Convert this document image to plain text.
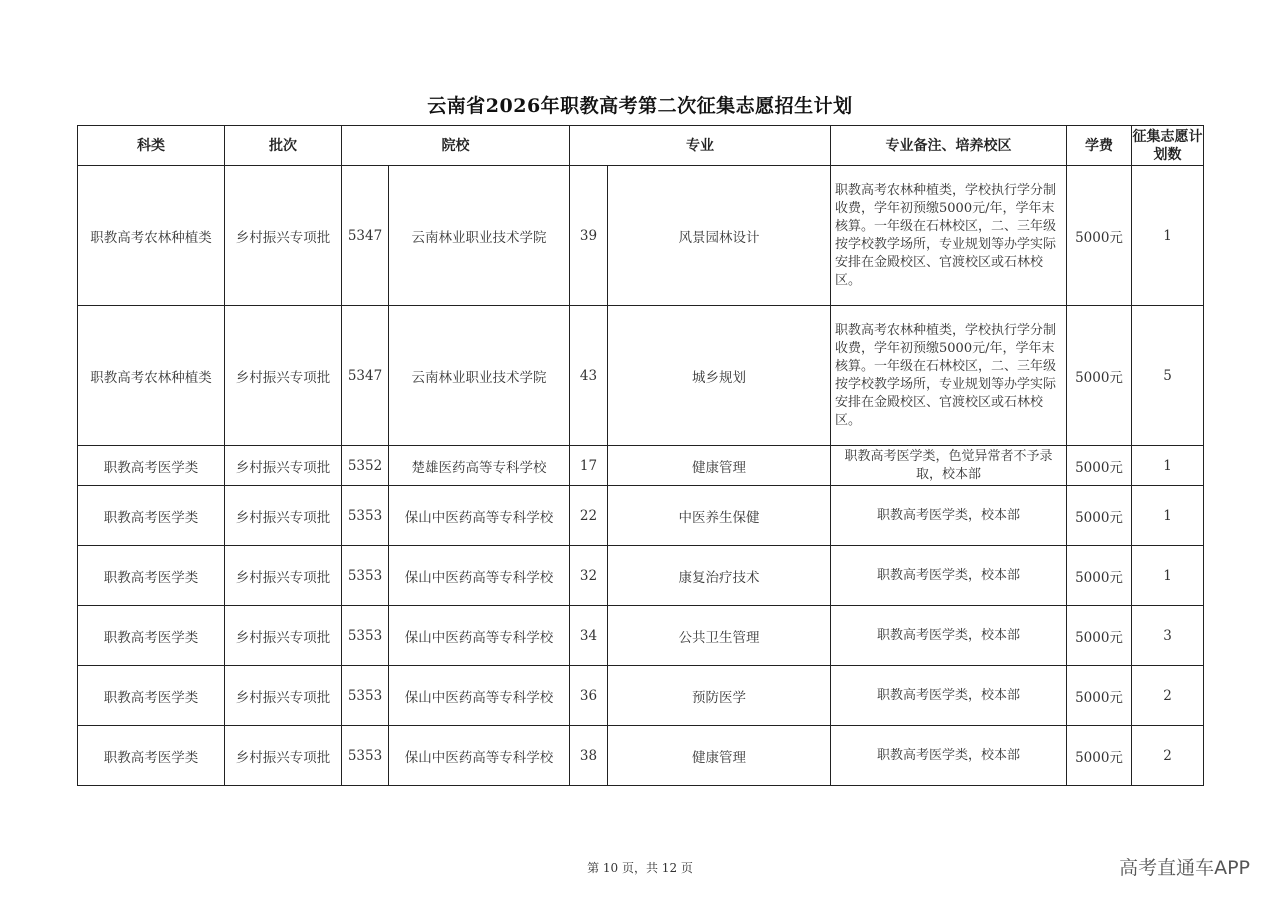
云南省2026年职教高考第二次征集志愿招生计划
科类	批次	院校		专业		专业备注、培养校区	学费	征集志愿计划数
职教高考农林种植类	乡村振兴专项批	5347	云南林业职业技术学院	39	风景园林设计	职教高考农林种植类，学校执行学分制收费，学年初预缴5000元/年，学年末核算。一年级在石林校区，二、三年级按学校教学场所，专业规划等办学实际安排在金殿校区、官渡校区或石林校区。	5000元	1
职教高考农林种植类	乡村振兴专项批	5347	云南林业职业技术学院	43	城乡规划	职教高考农林种植类，学校执行学分制收费，学年初预缴5000元/年，学年末核算。一年级在石林校区，二、三年级按学校教学场所，专业规划等办学实际安排在金殿校区、官渡校区或石林校区。	5000元	5
职教高考医学类	乡村振兴专项批	5352	楚雄医药高等专科学校	17	健康管理	职教高考医学类，色觉异常者不予录取，校本部	5000元	1
职教高考医学类	乡村振兴专项批	5353	保山中医药高等专科学校	22	中医养生保健	职教高考医学类，校本部	5000元	1
职教高考医学类	乡村振兴专项批	5353	保山中医药高等专科学校	32	康复治疗技术	职教高考医学类，校本部	5000元	1
职教高考医学类	乡村振兴专项批	5353	保山中医药高等专科学校	34	公共卫生管理	职教高考医学类，校本部	5000元	3
职教高考医学类	乡村振兴专项批	5353	保山中医药高等专科学校	36	预防医学	职教高考医学类，校本部	5000元	2
职教高考医学类	乡村振兴专项批	5353	保山中医药高等专科学校	38	健康管理	职教高考医学类，校本部	5000元	2
第 10 页，共 12 页	高考直通车APP
